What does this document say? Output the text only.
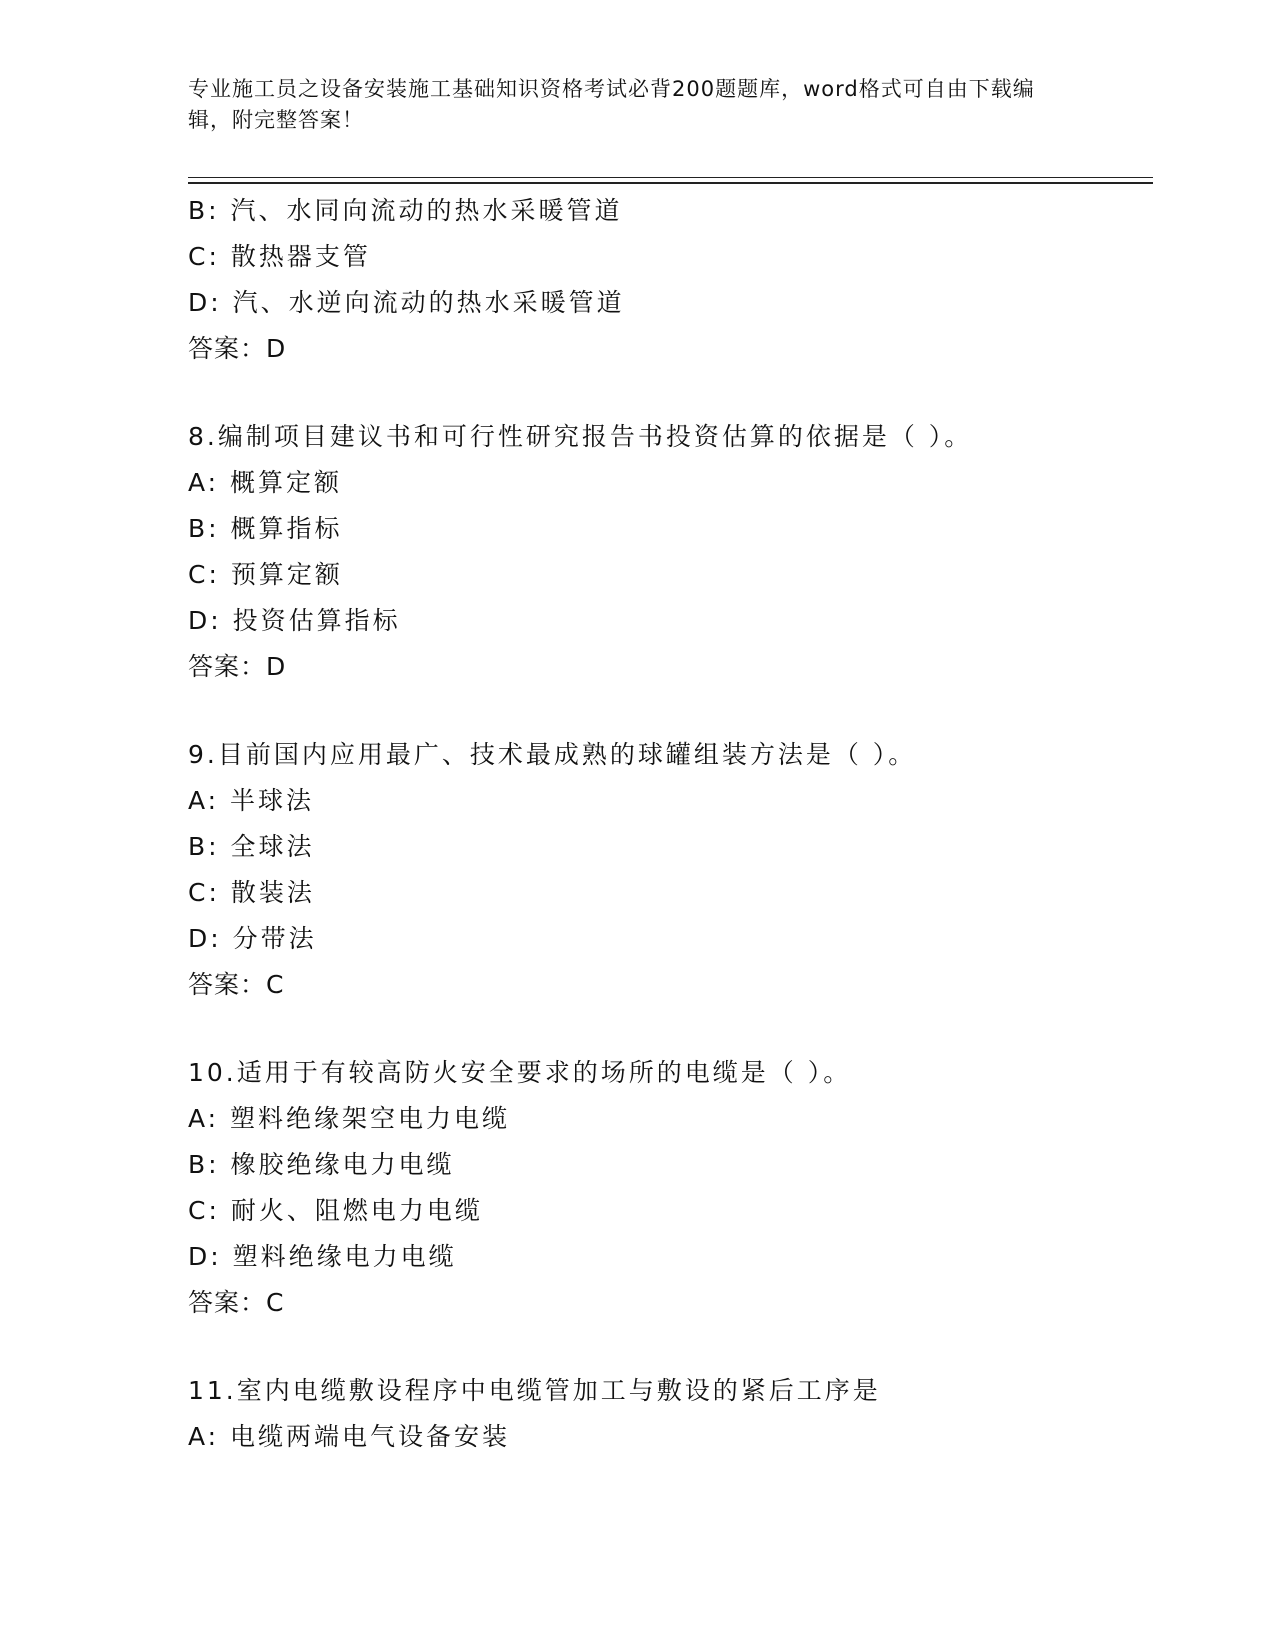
专业施工员之设备安装施工基础知识资格考试必背200题题库，word格式可自由下载编辑，附完整答案！
B: 汽、水同向流动的热水采暖管道
C: 散热器支管
D: 汽、水逆向流动的热水采暖管道
答案：D
8.编制项目建议书和可行性研究报告书投资估算的依据是（ ）。
A: 概算定额
B: 概算指标
C: 预算定额
D: 投资估算指标
答案：D
9.目前国内应用最广、技术最成熟的球罐组装方法是（ ）。
A: 半球法
B: 全球法
C: 散装法
D: 分带法
答案：C
10.适用于有较高防火安全要求的场所的电缆是（ ）。
A: 塑料绝缘架空电力电缆
B: 橡胶绝缘电力电缆
C: 耐火、阻燃电力电缆
D: 塑料绝缘电力电缆
答案：C
11.室内电缆敷设程序中电缆管加工与敷设的紧后工序是
A: 电缆两端电气设备安装
